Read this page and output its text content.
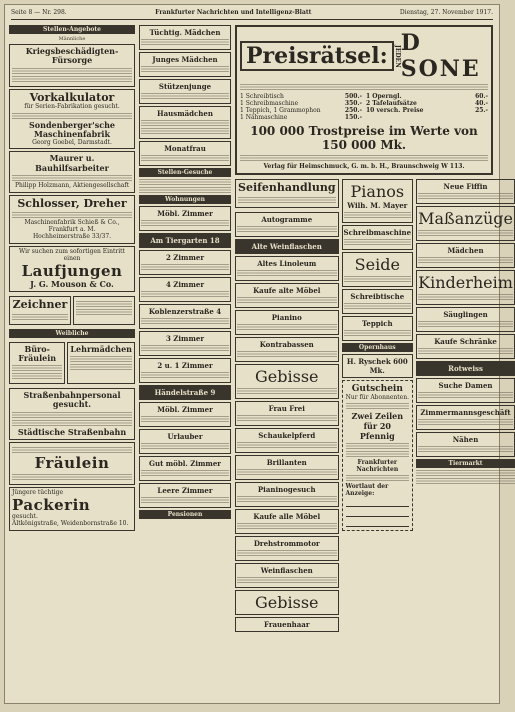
Seite 8 — Nr. 298.	Frankfurter Nachrichten und Intelligenz-Blatt	Dienstag, 27. November 1917.
Stellen-Angebote
Männliche
Kriegsbeschädigten-Fürsorge
Vorkalkulator
für Serien-Fabrikation gesucht.
Sondenberger'sche Maschinenfabrik
Georg Goebel, Darmstadt.
Maurer u. Bauhilfsarbeiter
Philipp Holzmann, Aktiengesellschaft
Schlosser, Dreher
Maschinenfabrik Schieß & Co., Frankfurt a. M.
Hochheimerstraße 33/37.
Wir suchen zum sofortigen Eintritt einen
Laufjungen
J. G. Mouson & Co.
Zeichner
Weibliche
Büro-Fräulein
Lehrmädchen
Straßenbahnpersonal gesucht.
Städtische Straßenbahn
Fräulein
Jüngere tüchtige
Packerin
gesucht.
Altkönigstraße, Weidenbornstraße 10.
Tüchtig. Mädchen
Junges Mädchen
Stützenjunge
Hausmädchen
Monatfrau
Stellen-Gesuche
Wohnungen
Möbl. Zimmer
Am Tiergarten 18
2 Zimmer
4 Zimmer
Koblenzerstraße 4
3 Zimmer
2 u. 1 Zimmer
Händelstraße 9
Möbl. Zimmer
Urlauber
Gut möbl. Zimmer
Leere Zimmer
Pensionen
Preisrätsel:	JEDEN D SONE
1 Schreibtisch	500.-
1 Schreibmaschine	350.-
1 Teppich, 1 Grammophon	250.-
1 Nähmaschine	150.-
1 Operngl.	60.-
2 Tafelaufsätze	40.-
10 versch. Preise	25.-
100 000 Trostpreise im Werte von 150 000 Mk.
Verlag für Heimschmuck, G. m. b. H., Braunschweig W 113.
Seifenhandlung
Autogramme
Alte Weinflaschen
Altes Linoleum
Kaufe alte Möbel
Pianino
Kontrabassen
Gebisse
Frau Frei
Schaukelpferd
Brillanten
Pianinogesuch
Kaufe alle Möbel
Drehstrommotor
Weinflaschen
Gebisse
Frauenhaar
Pianos
Wilh. M. Mayer
Schreibmaschine
Seide
Schreibtische
Teppich
Opernhaus
H. Ryschek 600 Mk.
Gutschein
Nur für Abonnenten.
Zwei Zeilen für 20 Pfennig
Frankfurter Nachrichten
Wortlaut der Anzeige:
Neue Fiffin
Maßanzüge
Mädchen
Kinderheim
Säuglingen
Kaufe Schränke
Rotweiss
Suche Damen
Zimmermannsgeschäft
Nähen
Tiermarkt
